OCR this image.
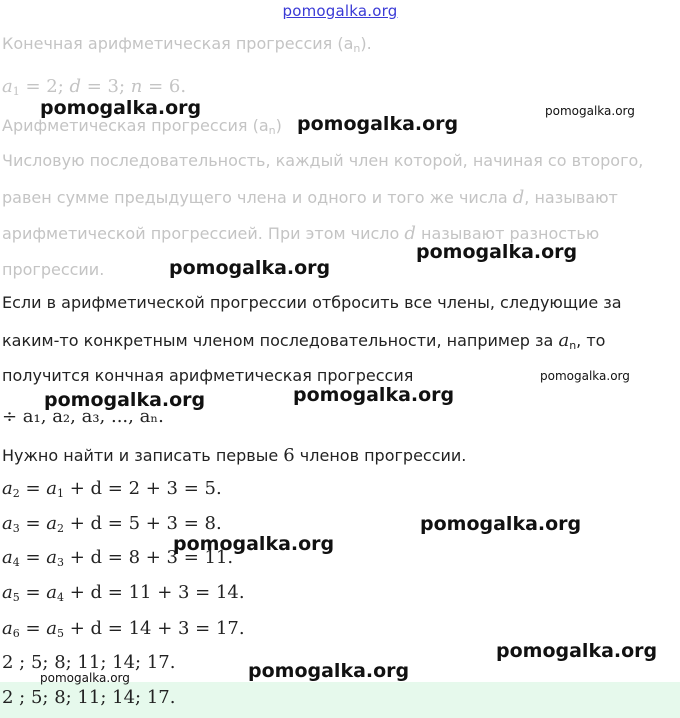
pomogalka.org
Конечная арифметическая прогрессия $(a_n)$.
$a_1 = 2$; d = 3; n = 6.
Арифметическая прогрессия $(a_n)$
Числовую последовательность, каждый член которой, начиная со второго,
равен сумме предыдущего члена и одного и того же числа d, называют
арифметической прогрессией. При этом число d называют разностью
прогрессии.
Если в арифметической прогрессии отбросить все члены, следующие за
каким-то конкретным членом последовательности, например за $a_n$, то
получится кончная арифметическая прогрессия
÷ a₁, a₂, a₃, ..., aₙ.
Нужно найти и записать первые 6 членов прогрессии.
$a_2 = a_1 + d = 2 + 3 = 5$.
$a_3 = a_2 + d = 5 + 3 = 8$.
$a_4 = a_3 + d = 8 + 3 = 11$.
$a_5 = a_4 + d = 11 + 3 = 14$.
$a_6 = a_5 + d = 14 + 3 = 17$.
2 ; 5; 8; 11; 14; 17.
2 ; 5; 8; 11; 14; 17.
pomogalka.org
pomogalka.org
pomogalka.org
pomogalka.org
pomogalka.org
pomogalka.org
pomogalka.org	pomogalka.org
pomogalka.org
pomogalka.org
pomogalka.org
pomogalka.org
pomogalka.org
